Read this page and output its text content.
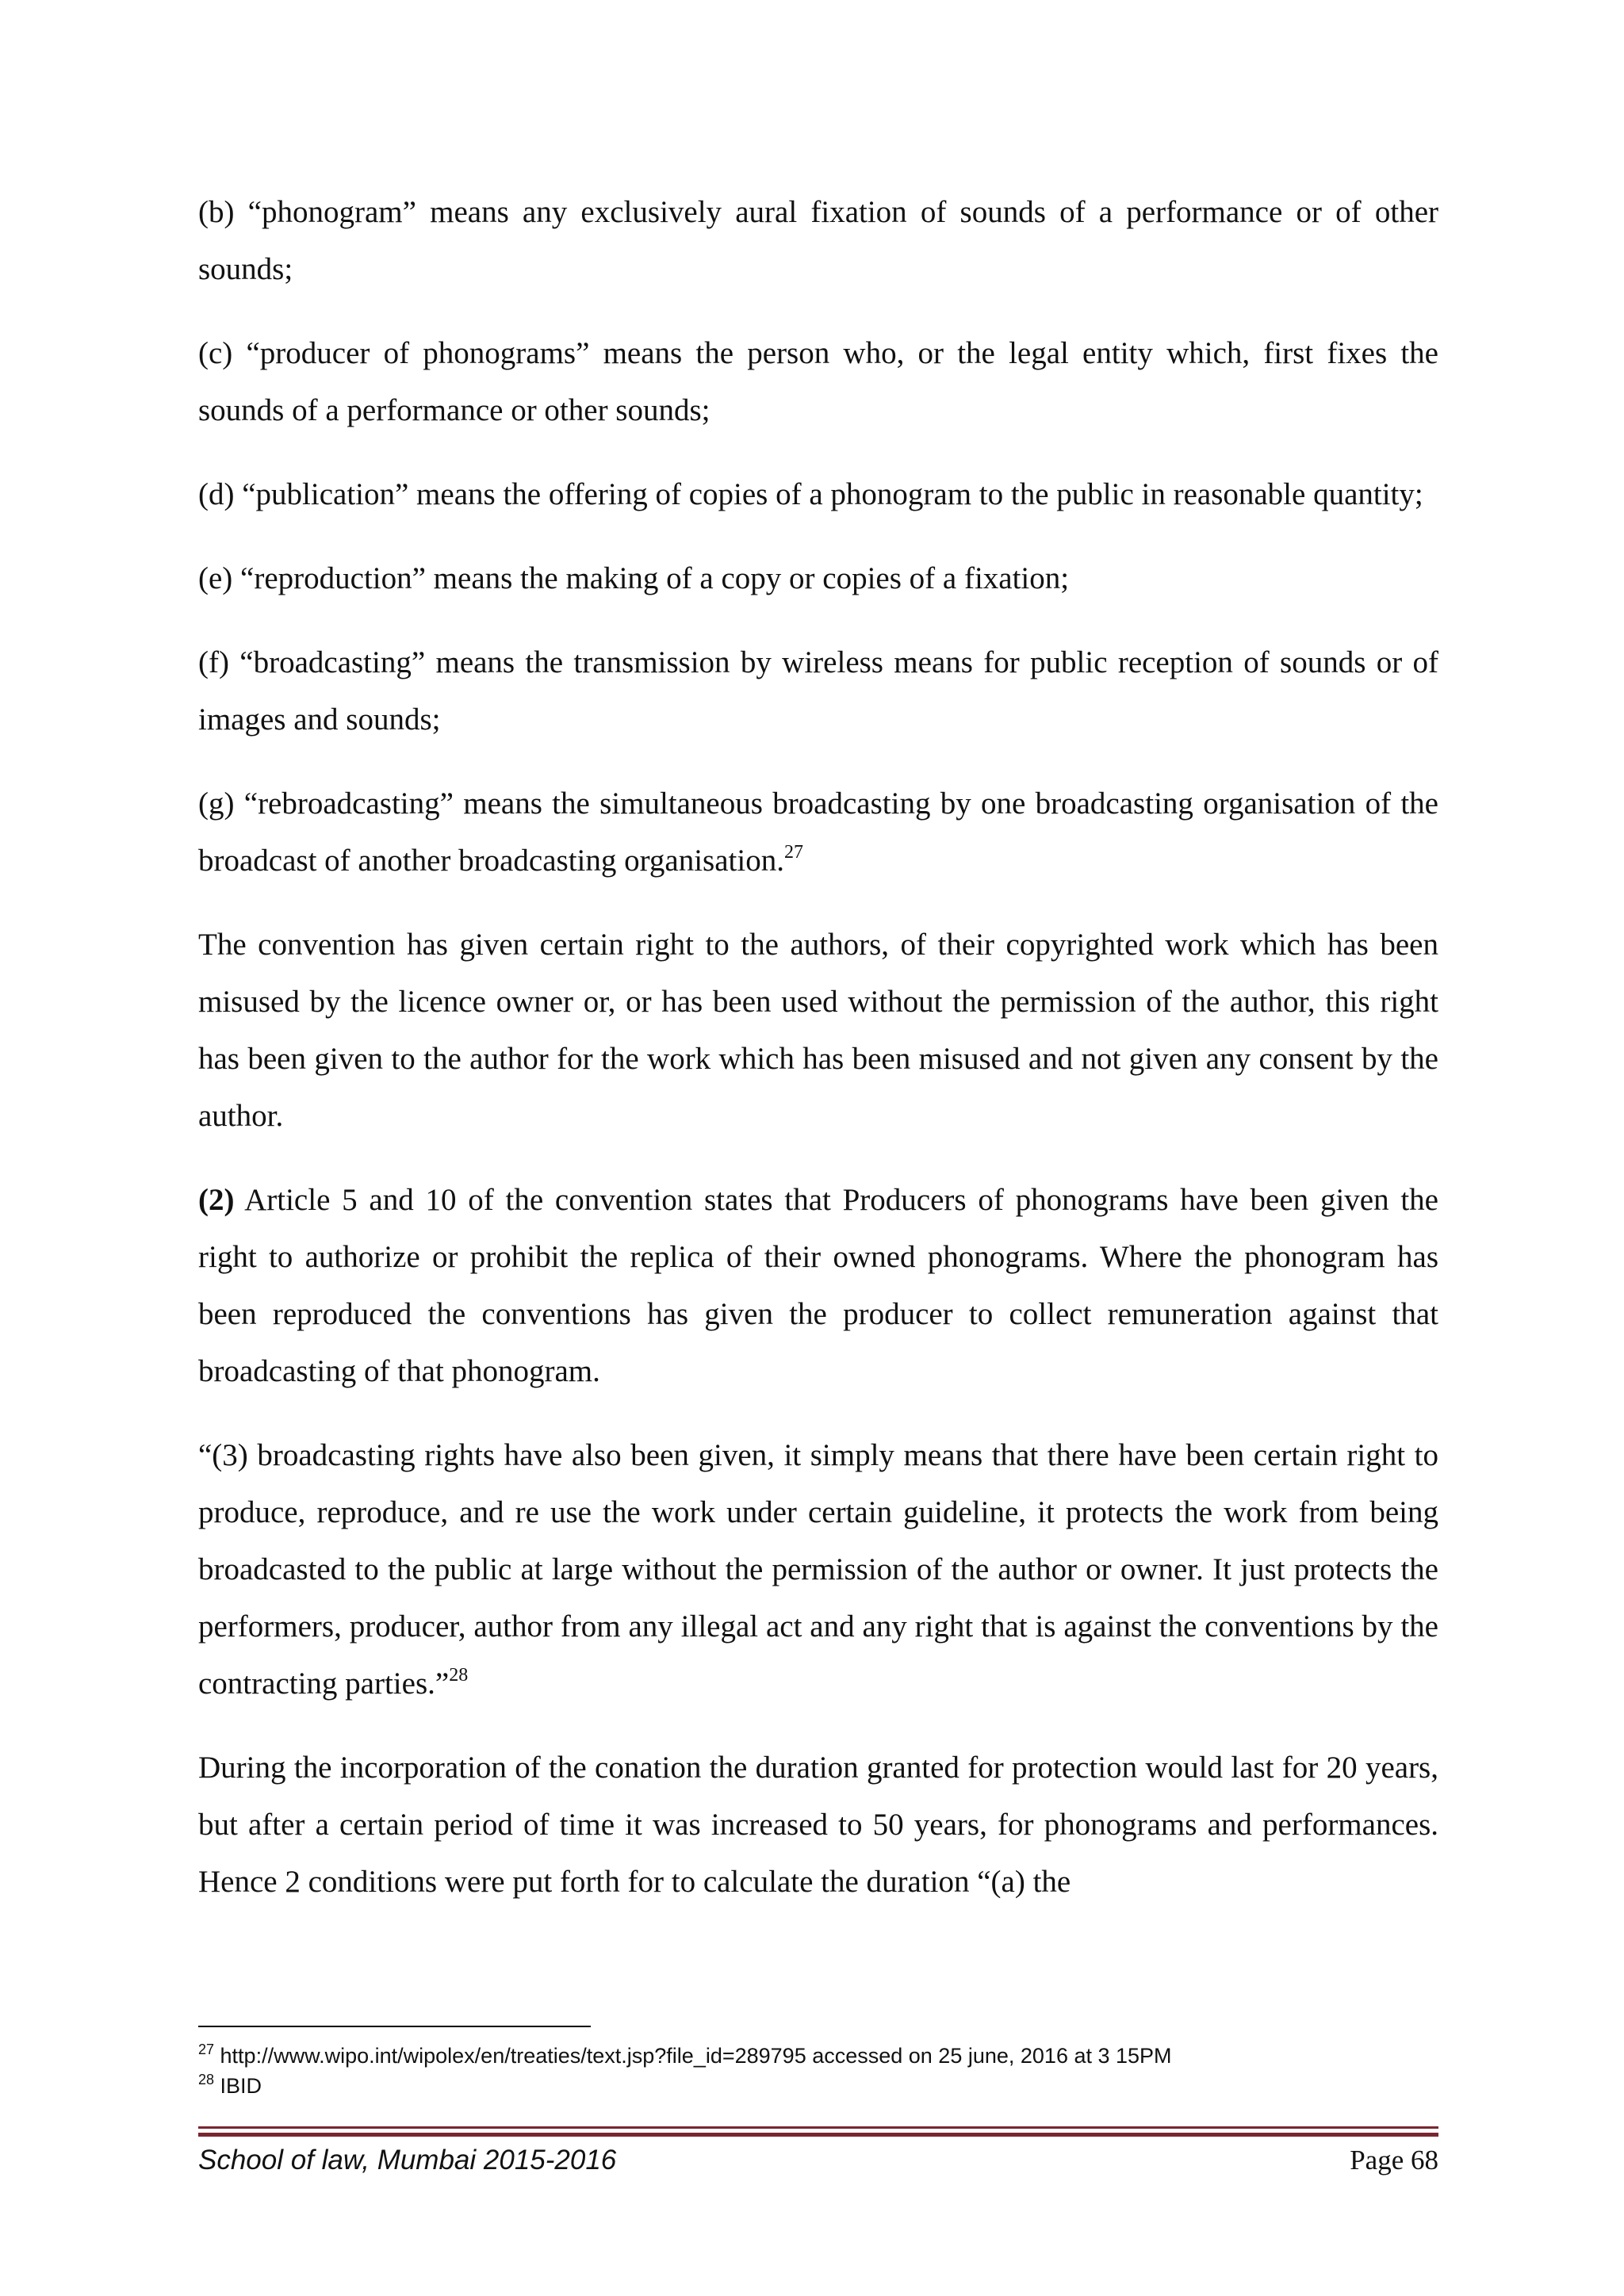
(b) “phonogram” means any exclusively aural fixation of sounds of a performance or of other sounds;

(c) “producer of phonograms” means the person who, or the legal entity which, first fixes the sounds of a performance or other sounds;

(d) “publication” means the offering of copies of a phonogram to the public in reasonable quantity;

(e) “reproduction” means the making of a copy or copies of a fixation;

(f) “broadcasting” means the transmission by wireless means for public reception of sounds or of images and sounds;

(g) “rebroadcasting” means the simultaneous broadcasting by one broadcasting organisation of the broadcast of another broadcasting organisation.$^{27}$

The convention has given certain right to the authors, of their copyrighted work which has been misused by the licence owner or, or has been used without the permission of the author, this right has been given to the author for the work which has been misused and not given any consent by the author.

(2) Article 5 and 10 of the convention states that Producers of phonograms have been given the right to authorize or prohibit the replica of their owned phonograms. Where the phonogram has been reproduced the conventions has given the producer to collect remuneration against that broadcasting of that phonogram.

“(3) broadcasting rights have also been given, it simply means that there have been certain right to produce, reproduce, and re use the work under certain guideline, it protects the work from being broadcasted to the public at large without the permission of the author or owner. It just protects the performers, producer, author from any illegal act and any right that is against the conventions by the contracting parties.”$^{28}$

During the incorporation of the conation the duration granted for protection would last for 20 years, but after a certain period of time it was increased to 50 years, for phonograms and performances. Hence 2 conditions were put forth for to calculate the duration “(a) the

$^{27}$ http://www.wipo.int/wipolex/en/treaties/text.jsp?file_id=289795 accessed on 25 june, 2016 at 3 15PM
$^{28}$ IBID
School of law, Mumbai 2015-2016	Page 68
